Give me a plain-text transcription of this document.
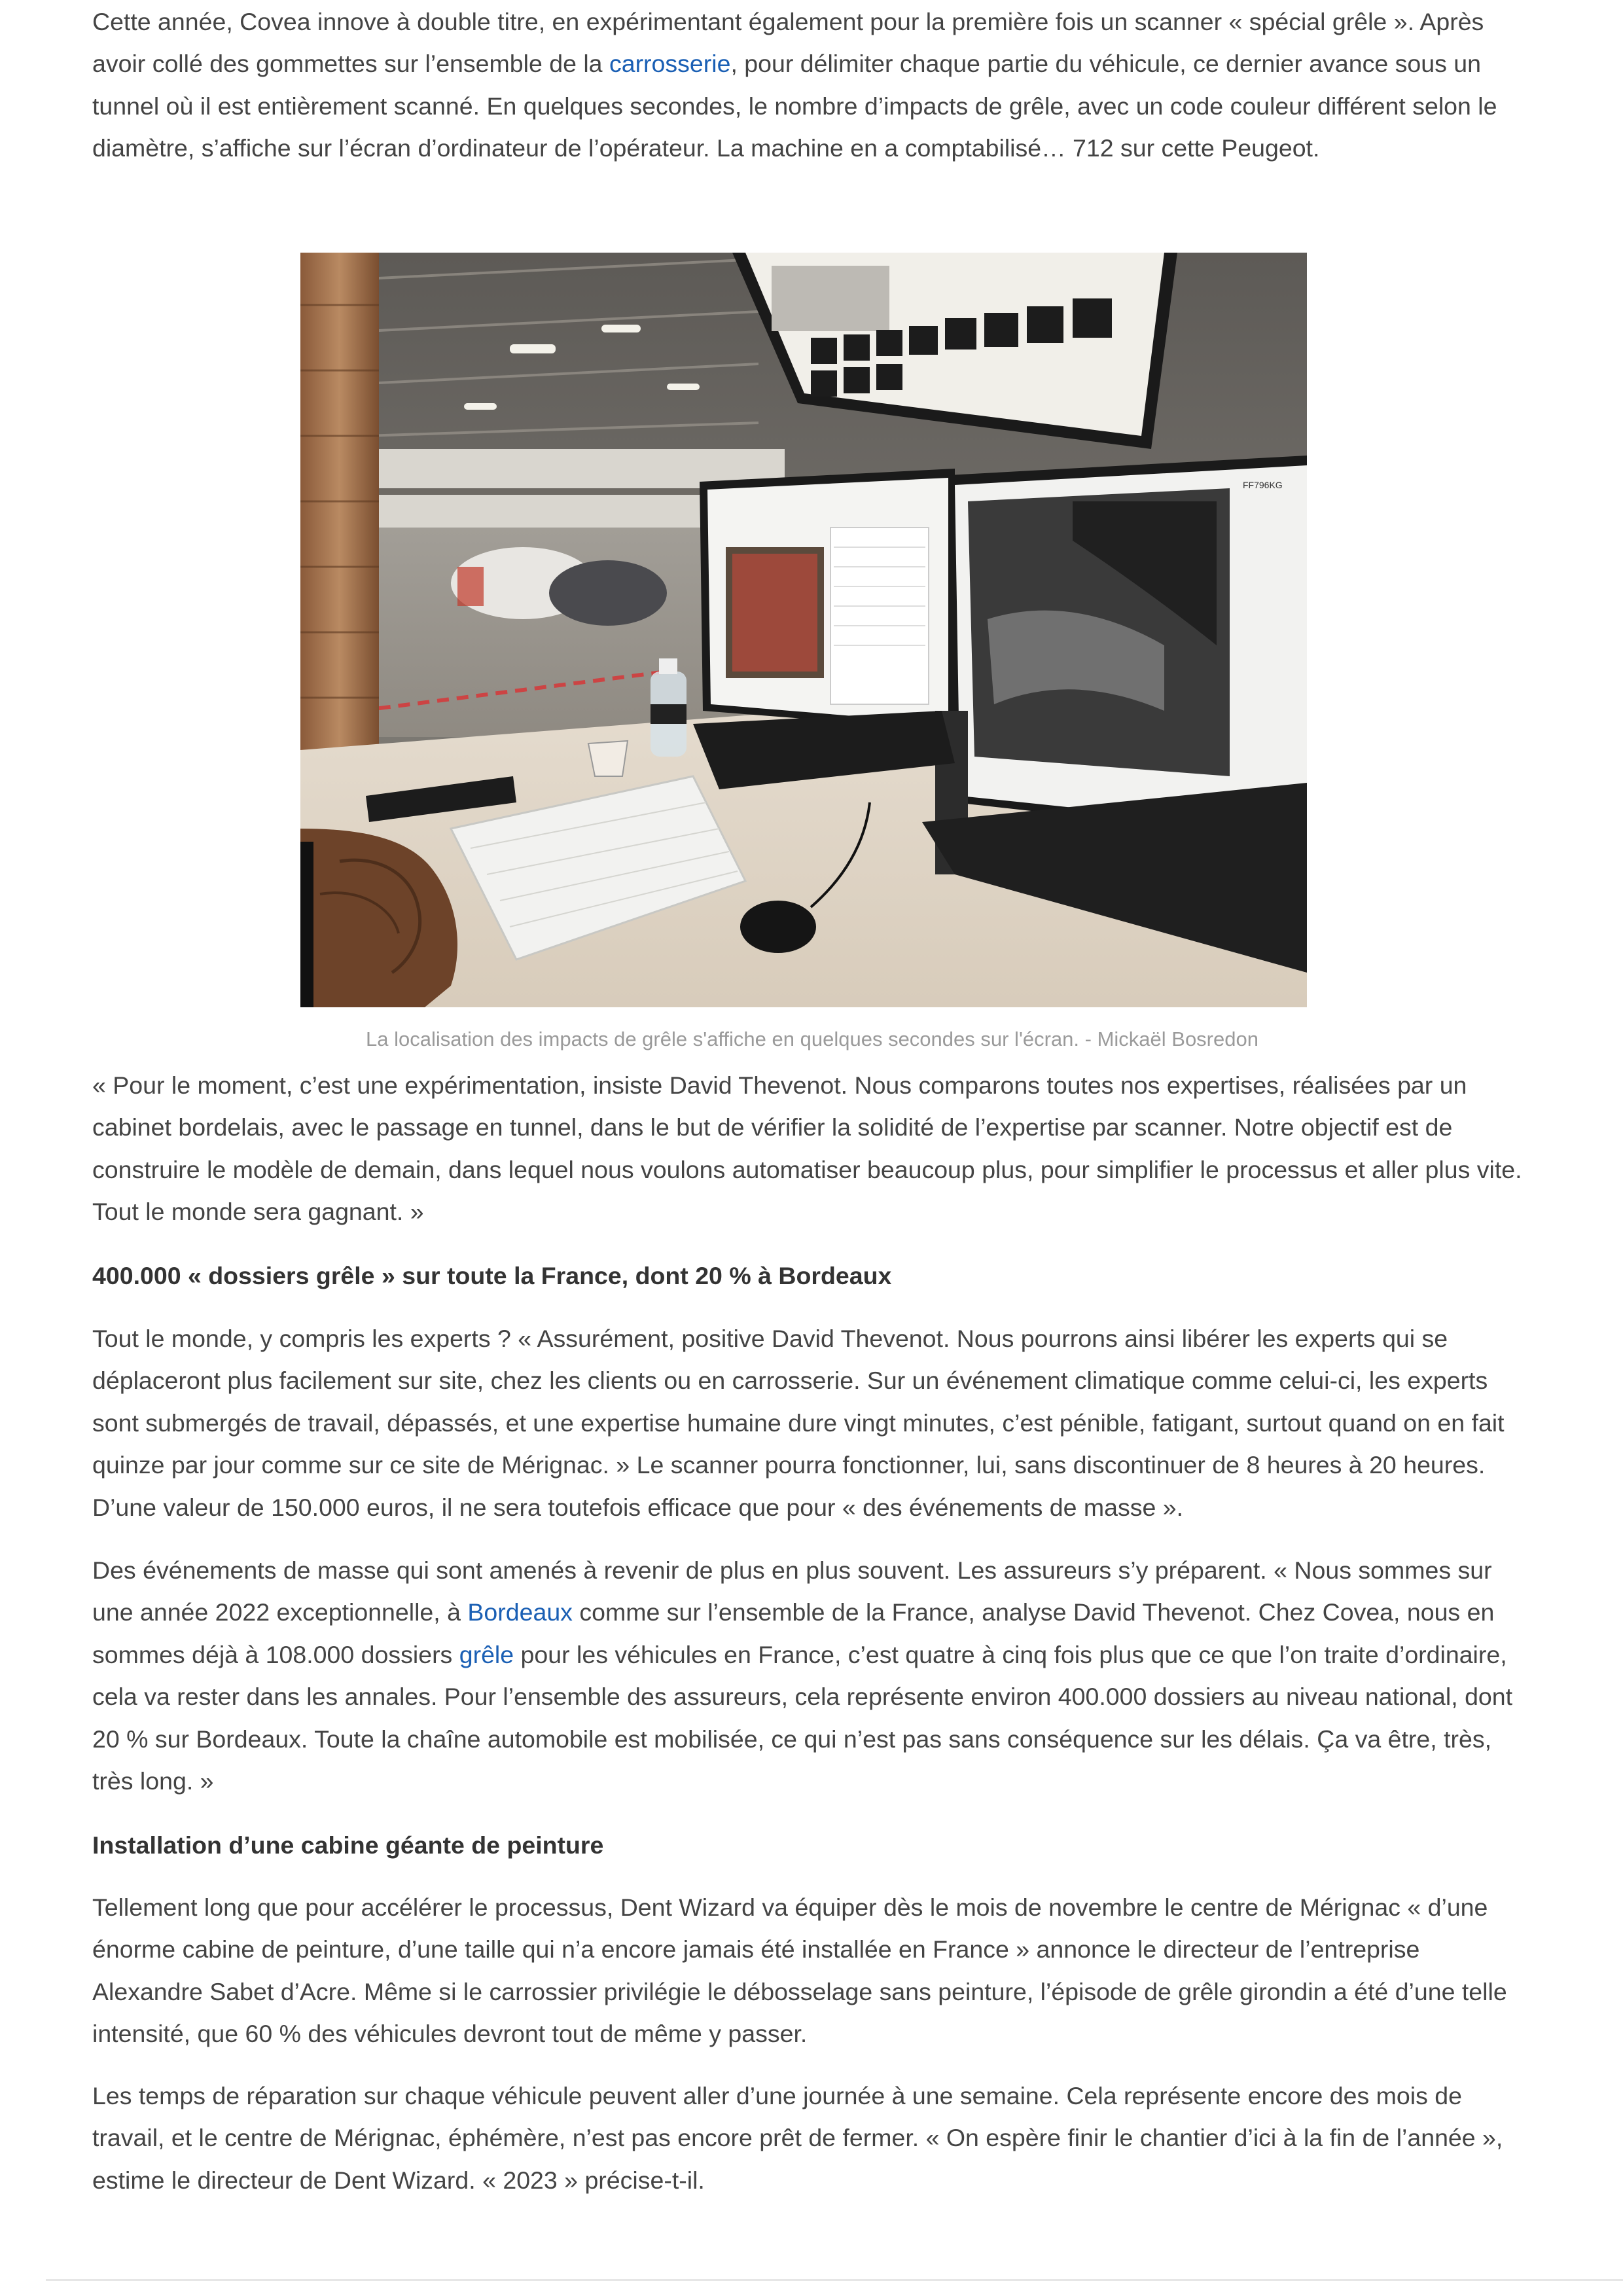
Cette année, Covea innove à double titre, en expérimentant également pour la première fois un scanner « spécial grêle ». Après avoir collé des gommettes sur l’ensemble de la carrosserie, pour délimiter chaque partie du véhicule, ce dernier avance sous un tunnel où il est entièrement scanné. En quelques secondes, le nombre d’impacts de grêle, avec un code couleur différent selon le diamètre, s’affiche sur l’écran d’ordinateur de l’opérateur. La machine en a comptabilisé… 712 sur cette Peugeot.

FF796KG
La localisation des impacts de grêle s'affiche en quelques secondes sur l'écran. - Mickaël Bosredon

« Pour le moment, c’est une expérimentation, insiste David Thevenot. Nous comparons toutes nos expertises, réalisées par un cabinet bordelais, avec le passage en tunnel, dans le but de vérifier la solidité de l’expertise par scanner. Notre objectif est de construire le modèle de demain, dans lequel nous voulons automatiser beaucoup plus, pour simplifier le processus et aller plus vite. Tout le monde sera gagnant. »

400.000 « dossiers grêle » sur toute la France, dont 20 % à Bordeaux

Tout le monde, y compris les experts ? « Assurément, positive David Thevenot. Nous pourrons ainsi libérer les experts qui se déplaceront plus facilement sur site, chez les clients ou en carrosserie. Sur un événement climatique comme celui-ci, les experts sont submergés de travail, dépassés, et une expertise humaine dure vingt minutes, c’est pénible, fatigant, surtout quand on en fait quinze par jour comme sur ce site de Mérignac. » Le scanner pourra fonctionner, lui, sans discontinuer de 8 heures à 20 heures. D’une valeur de 150.000 euros, il ne sera toutefois efficace que pour « des événements de masse ».

Des événements de masse qui sont amenés à revenir de plus en plus souvent. Les assureurs s’y préparent. « Nous sommes sur une année 2022 exceptionnelle, à Bordeaux comme sur l’ensemble de la France, analyse David Thevenot. Chez Covea, nous en sommes déjà à 108.000 dossiers grêle pour les véhicules en France, c’est quatre à cinq fois plus que ce que l’on traite d’ordinaire, cela va rester dans les annales. Pour l’ensemble des assureurs, cela représente environ 400.000 dossiers au niveau national, dont 20 % sur Bordeaux. Toute la chaîne automobile est mobilisée, ce qui n’est pas sans conséquence sur les délais. Ça va être, très, très long. »

Installation d’une cabine géante de peinture

Tellement long que pour accélérer le processus, Dent Wizard va équiper dès le mois de novembre le centre de Mérignac « d’une énorme cabine de peinture, d’une taille qui n’a encore jamais été installée en France » annonce le directeur de l’entreprise Alexandre Sabet d’Acre. Même si le carrossier privilégie le débosselage sans peinture, l’épisode de grêle girondin a été d’une telle intensité, que 60 % des véhicules devront tout de même y passer.

Les temps de réparation sur chaque véhicule peuvent aller d’une journée à une semaine. Cela représente encore des mois de travail, et le centre de Mérignac, éphémère, n’est pas encore prêt de fermer. « On espère finir le chantier d’ici à la fin de l’année », estime le directeur de Dent Wizard. « 2023 » précise-t-il.
